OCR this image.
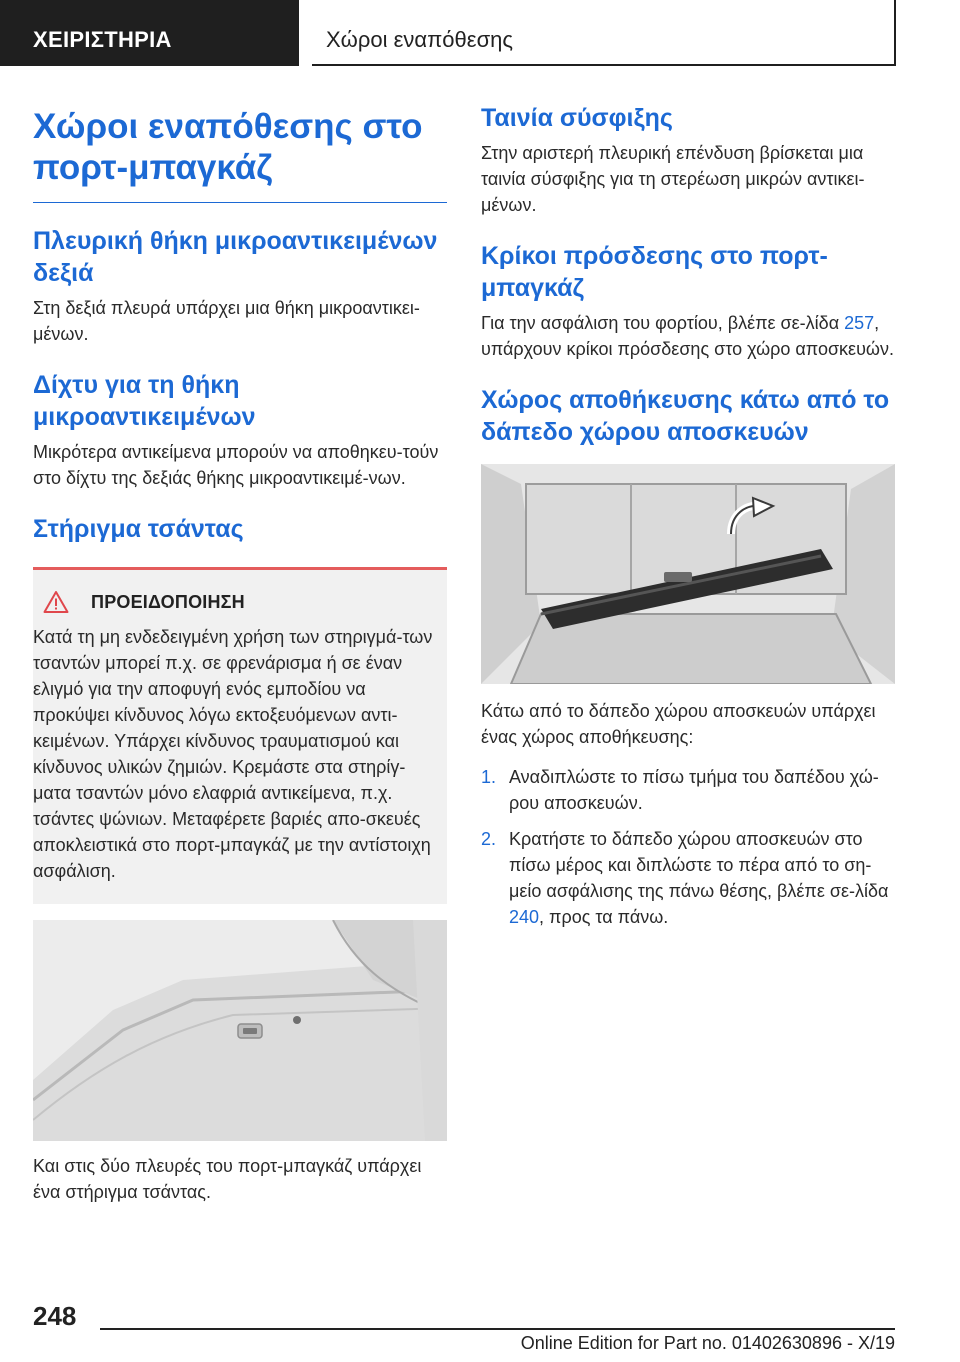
ΧΕΙΡΙΣΤΗΡΙΑ	Χώροι εναπόθεσης
Χώροι εναπόθεσης στο πορτ-μπαγκάζ
Πλευρική θήκη μικροαντικειμένων δεξιά

Στη δεξιά πλευρά υπάρχει μια θήκη μικροαντικει-μένων.

Δίχτυ για τη θήκη μικροαντικειμένων

Μικρότερα αντικείμενα μπορούν να αποθηκευ-τούν στο δίχτυ της δεξιάς θήκης μικροαντικειμέ-νων.

Στήριγμα τσάντας
ΠΡΟΕΙΔΟΠΟΙΗΣΗ

Κατά τη μη ενδεδειγμένη χρήση των στηριγμά-των τσαντών μπορεί π.χ. σε φρενάρισμα ή σε έναν ελιγμό για την αποφυγή ενός εμποδίου να προκύψει κίνδυνος λόγω εκτοξευόμενων αντι-κειμένων. Υπάρχει κίνδυνος τραυματισμού και κίνδυνος υλικών ζημιών. Κρεμάστε στα στηρίγ-ματα τσαντών μόνο ελαφριά αντικείμενα, π.χ. τσάντες ψώνιων. Μεταφέρετε βαριές απο-σκευές αποκλειστικά στο πορτ-μπαγκάζ με την αντίστοιχη ασφάλιση.

Και στις δύο πλευρές του πορτ-μπαγκάζ υπάρχει ένα στήριγμα τσάντας.

Ταινία σύσφιξης

Στην αριστερή πλευρική επένδυση βρίσκεται μια ταινία σύσφιξης για τη στερέωση μικρών αντικει-μένων.

Κρίκοι πρόσδεσης στο πορτ-μπαγκάζ

Για την ασφάλιση του φορτίου, βλέπε σε-λίδα 257, υπάρχουν κρίκοι πρόσδεσης στο χώρο αποσκευών.

Χώρος αποθήκευσης κάτω από το δάπεδο χώρου αποσκευών

Κάτω από το δάπεδο χώρου αποσκευών υπάρχει ένας χώρος αποθήκευσης:

1. Αναδιπλώστε το πίσω τμήμα του δαπέδου χώ-ρου αποσκευών.
2. Κρατήστε το δάπεδο χώρου αποσκευών στο πίσω μέρος και διπλώστε το πέρα από το ση-μείο ασφάλισης της πάνω θέσης, βλέπε σε-λίδα 240, προς τα πάνω.
248
Online Edition for Part no. 01402630896 - X/19
